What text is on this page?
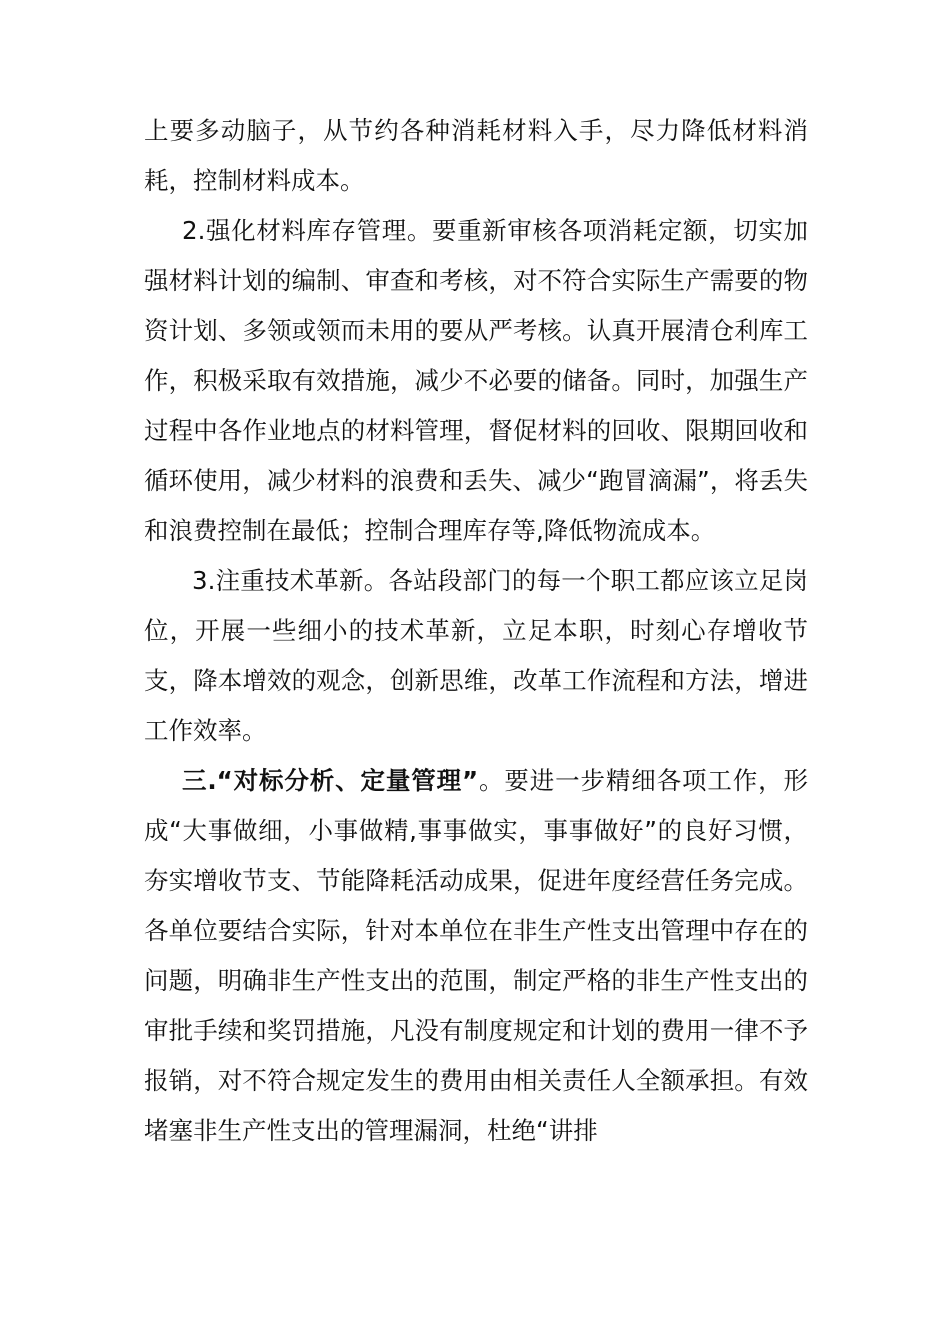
上要多动脑子，从节约各种消耗材料入手，尽力降低材料消耗，控制材料成本。

2.强化材料库存管理。要重新审核各项消耗定额，切实加强材料计划的编制、审查和考核，对不符合实际生产需要的物资计划、多领或领而未用的要从严考核。认真开展清仓利库工作，积极采取有效措施，减少不必要的储备。同时，加强生产过程中各作业地点的材料管理，督促材料的回收、限期回收和循环使用，减少材料的浪费和丢失、减少“跑冒滴漏”，将丢失和浪费控制在最低；控制合理库存等,降低物流成本。

3.注重技术革新。各站段部门的每一个职工都应该立足岗位，开展一些细小的技术革新，立足本职，时刻心存增收节支，降本增效的观念，创新思维，改革工作流程和方法，增进工作效率。

三.“对标分析、定量管理”。要进一步精细各项工作，形成“大事做细，小事做精,事事做实，事事做好”的良好习惯，夯实增收节支、节能降耗活动成果，促进年度经营任务完成。各单位要结合实际，针对本单位在非生产性支出管理中存在的问题，明确非生产性支出的范围，制定严格的非生产性支出的审批手续和奖罚措施，凡没有制度规定和计划的费用一律不予报销，对不符合规定发生的费用由相关责任人全额承担。有效堵塞非生产性支出的管理漏洞，杜绝“讲排
